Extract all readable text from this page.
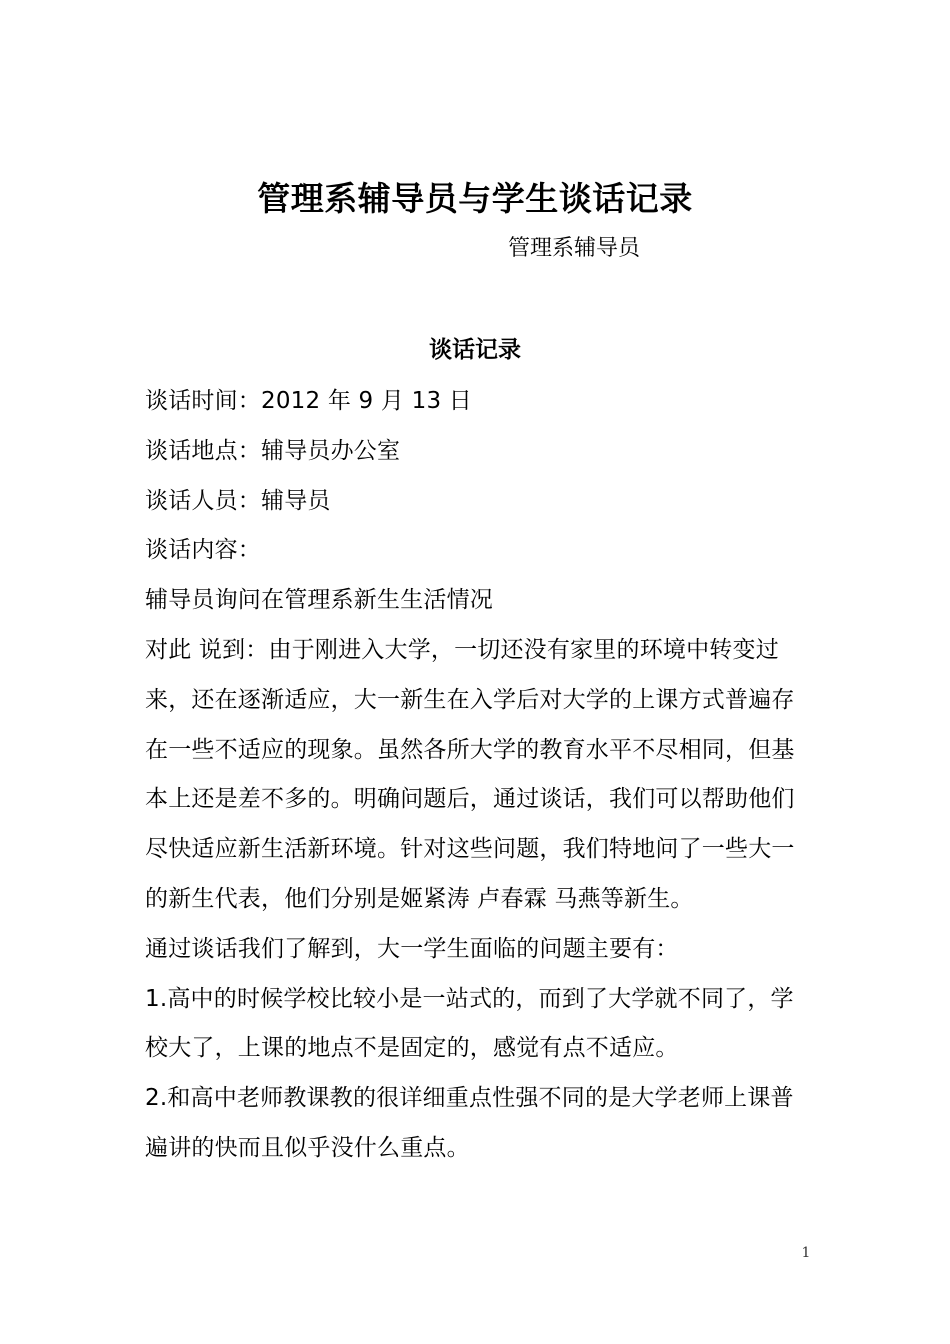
管理系辅导员与学生谈话记录
管理系辅导员
谈话记录

谈话时间：2012 年 9 月 13 日

谈话地点：辅导员办公室

谈话人员：辅导员

谈话内容：

辅导员询问在管理系新生生活情况

对此 说到：由于刚进入大学，一切还没有家里的环境中转变过来，还在逐渐适应，大一新生在入学后对大学的上课方式普遍存在一些不适应的现象。虽然各所大学的教育水平不尽相同，但基本上还是差不多的。明确问题后，通过谈话，我们可以帮助他们尽快适应新生活新环境。针对这些问题，我们特地问了一些大一的新生代表，他们分别是姬紧涛 卢春霖 马燕等新生。

通过谈话我们了解到，大一学生面临的问题主要有：

1.高中的时候学校比较小是一站式的，而到了大学就不同了，学校大了，上课的地点不是固定的，感觉有点不适应。

2.和高中老师教课教的很详细重点性强不同的是大学老师上课普遍讲的快而且似乎没什么重点。

1
